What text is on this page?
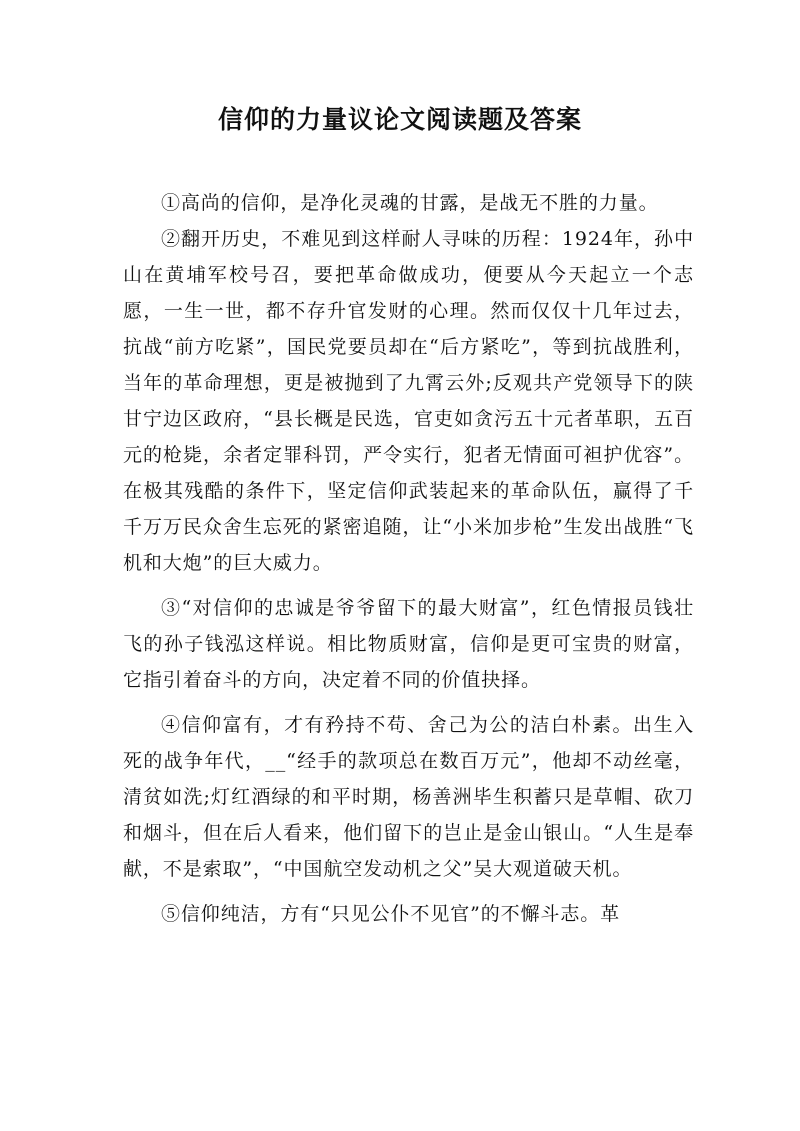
信仰的力量议论文阅读题及答案

①高尚的信仰，是净化灵魂的甘露，是战无不胜的力量。

②翻开历史，不难见到这样耐人寻味的历程：1924年，孙中山在黄埔军校号召，要把革命做成功，便要从今天起立一个志愿，一生一世，都不存升官发财的心理。然而仅仅十几年过去，抗战“前方吃紧”，国民党要员却在“后方紧吃”，等到抗战胜利，当年的革命理想，更是被抛到了九霄云外;反观共产党领导下的陕甘宁边区政府，“县长概是民选，官吏如贪污五十元者革职，五百元的枪毙，余者定罪科罚，严令实行，犯者无情面可袒护优容”。在极其残酷的条件下，坚定信仰武装起来的革命队伍，赢得了千千万万民众舍生忘死的紧密追随，让“小米加步枪”生发出战胜“飞机和大炮”的巨大威力。

③“对信仰的忠诚是爷爷留下的最大财富”，红色情报员钱壮飞的孙子钱泓这样说。相比物质财富，信仰是更可宝贵的财富，它指引着奋斗的方向，决定着不同的价值抉择。

④信仰富有，才有矜持不苟、舍己为公的洁白朴素。出生入死的战争年代，__“经手的款项总在数百万元”，他却不动丝毫，清贫如洗;灯红酒绿的和平时期，杨善洲毕生积蓄只是草帽、砍刀和烟斗，但在后人看来，他们留下的岂止是金山银山。“人生是奉献，不是索取”，“中国航空发动机之父”吴大观道破天机。

⑤信仰纯洁，方有“只见公仆不见官”的不懈斗志。革
